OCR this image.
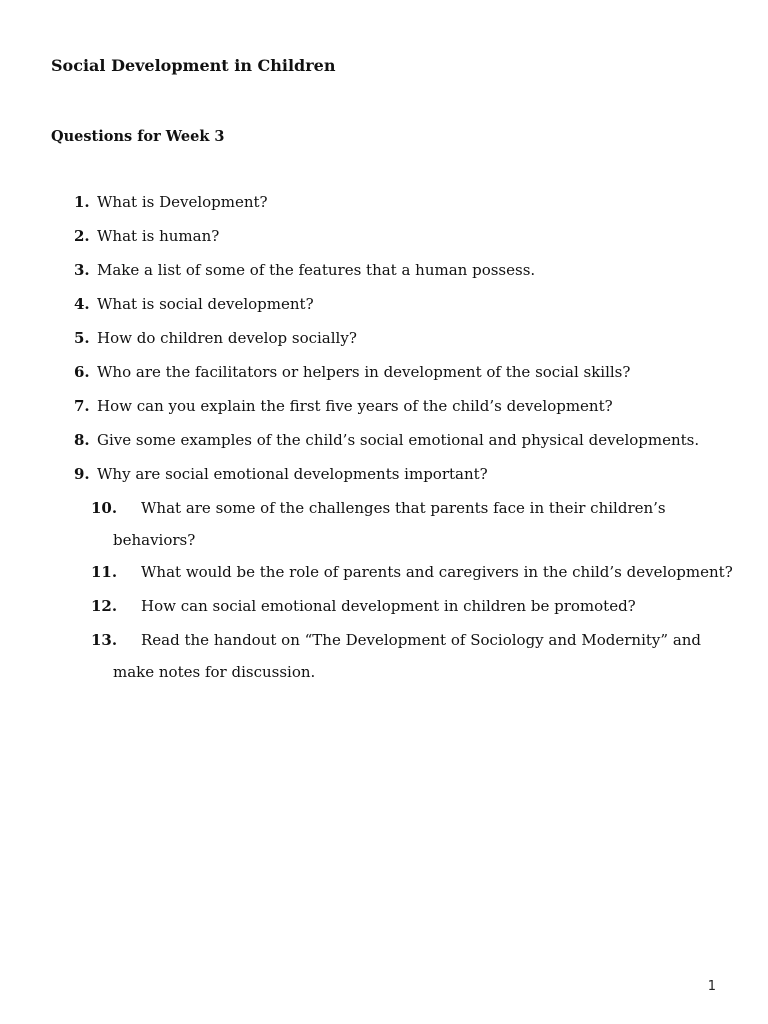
Social Development in Children
Questions for Week 3
1. What is Development?
2. What is human?
3. Make a list of some of the features that a human possess.
4. What is social development?
5. How do children develop socially?
6. Who are the facilitators or helpers in development of the social skills?
7. How can you explain the first five years of the child’s development?
8. Give some examples of the child’s social emotional and physical developments.
9. Why are social emotional developments important?
10. What are some of the challenges that parents face in their children’s
behaviors?
11. What would be the role of parents and caregivers in the child’s development?
12. How can social emotional development in children be promoted?
13. Read the handout on “The Development of Sociology and Modernity” and
make notes for discussion.
1
